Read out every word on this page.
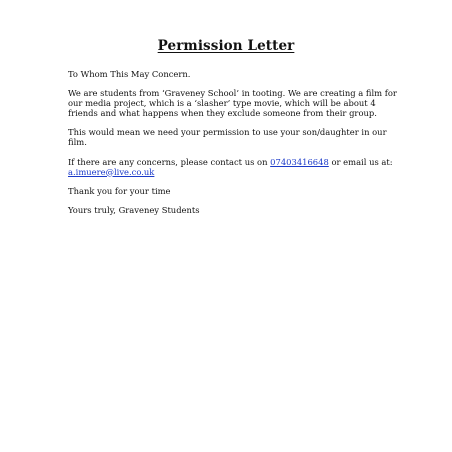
Permission Letter

To Whom This May Concern.

We are students from ‘Graveney School’ in tooting. We are creating a film for our media project, which is a ‘slasher’ type movie, which will be about 4 friends and what happens when they exclude someone from their group.

This would mean we need your permission to use your son/daughter in our film.

If there are any concerns, please contact us on 07403416648 or email us at: a.imuere@live.co.uk

Thank you for your time

Yours truly, Graveney Students
